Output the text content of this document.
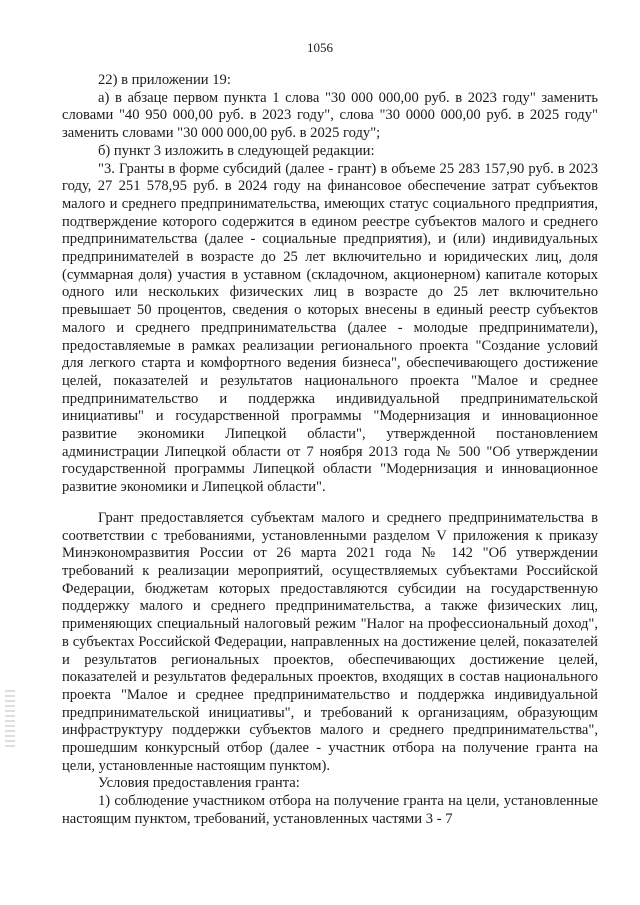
1056

22) в приложении 19:

а) в абзаце первом пункта 1 слова "30 000 000,00 руб. в 2023 году" заменить словами "40 950 000,00 руб. в 2023 году", слова "30 0000 000,00 руб. в 2025 году" заменить словами "30 000 000,00 руб. в 2025 году";

б) пункт 3 изложить в следующей редакции:

"3. Гранты в форме субсидий (далее - грант) в объеме 25 283 157,90 руб. в 2023 году, 27 251 578,95 руб. в 2024 году на финансовое обеспечение затрат субъектов малого и среднего предпринимательства, имеющих статус социального предприятия, подтверждение которого содержится в едином реестре субъектов малого и среднего предпринимательства (далее - социальные предприятия), и (или) индивидуальных предпринимателей в возрасте до 25 лет включительно и юридических лиц, доля (суммарная доля) участия в уставном (складочном, акционерном) капитале которых одного или нескольких физических лиц в возрасте до 25 лет включительно превышает 50 процентов, сведения о которых внесены в единый реестр субъектов малого и среднего предпринимательства (далее - молодые предприниматели), предоставляемые в рамках реализации регионального проекта "Создание условий для легкого старта и комфортного ведения бизнеса", обеспечивающего достижение целей, показателей и результатов национального проекта "Малое и среднее предпринимательство и поддержка индивидуальной предпринимательской инициативы" и государственной программы "Модернизация и инновационное развитие экономики Липецкой области", утвержденной постановлением администрации Липецкой области от 7 ноября 2013 года № 500 "Об утверждении государственной программы Липецкой области "Модернизация и инновационное развитие экономики и Липецкой области".

Грант предоставляется субъектам малого и среднего предпринимательства в соответствии с требованиями, установленными разделом V приложения к приказу Минэкономразвития России от 26 марта 2021 года № 142 "Об утверждении требований к реализации мероприятий, осуществляемых субъектами Российской Федерации, бюджетам которых предоставляются субсидии на государственную поддержку малого и среднего предпринимательства, а также физических лиц, применяющих специальный налоговый режим "Налог на профессиональный доход", в субъектах Российской Федерации, направленных на достижение целей, показателей и результатов региональных проектов, обеспечивающих достижение целей, показателей и результатов федеральных проектов, входящих в состав национального проекта "Малое и среднее предпринимательство и поддержка индивидуальной предпринимательской инициативы", и требований к организациям, образующим инфраструктуру поддержки субъектов малого и среднего предпринимательства", прошедшим конкурсный отбор (далее - участник отбора на получение гранта на цели, установленные настоящим пунктом).

Условия предоставления гранта:

1) соблюдение участником отбора на получение гранта на цели, установленные настоящим пунктом, требований, установленных частями 3 - 7
